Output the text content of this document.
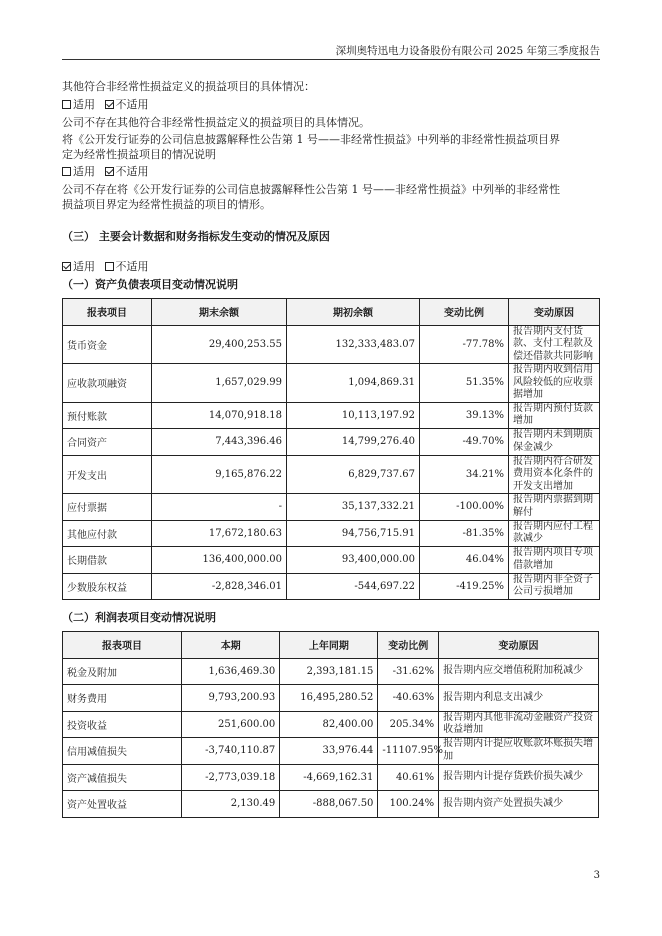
深圳奥特迅电力设备股份有限公司 2025 年第三季度报告
其他符合非经常性损益定义的损益项目的具体情况：
适用 不适用
公司不存在其他符合非经常性损益定义的损益项目的具体情况。
将《公开发行证券的公司信息披露解释性公告第 1 号——非经常性损益》中列举的非经常性损益项目界
定为经常性损益项目的情况说明
适用 不适用
公司不存在将《公开发行证券的公司信息披露解释性公告第 1 号——非经常性损益》中列举的非经常性
损益项目界定为经常性损益的项目的情形。
（三） 主要会计数据和财务指标发生变动的情况及原因
适用 不适用
（一）资产负债表项目变动情况说明
报表项目	期末余额	期初余额	变动比例	变动原因
货币资金	29,400,253.55	132,333,483.07	-77.78%	报告期内支付货款、支付工程款及偿还借款共同影响
应收款项融资	1,657,029.99	1,094,869.31	51.35%	报告期内收到信用风险较低的应收票据增加
预付账款	14,070,918.18	10,113,197.92	39.13%	报告期内预付货款增加
合同资产	7,443,396.46	14,799,276.40	-49.70%	报告期内未到期质保金减少
开发支出	9,165,876.22	6,829,737.67	34.21%	报告期内符合研发费用资本化条件的开发支出增加
应付票据	-	35,137,332.21	-100.00%	报告期内票据到期解付
其他应付款	17,672,180.63	94,756,715.91	-81.35%	报告期内应付工程款减少
长期借款	136,400,000.00	93,400,000.00	46.04%	报告期内项目专项借款增加
少数股东权益	-2,828,346.01	-544,697.22	-419.25%	报告期内非全资子公司亏损增加
（二）利润表项目变动情况说明
报表项目	本期	上年同期	变动比例	变动原因
税金及附加	1,636,469.30	2,393,181.15	-31.62%	报告期内应交增值税附加税减少
财务费用	9,793,200.93	16,495,280.52	-40.63%	报告期内利息支出减少
投资收益	251,600.00	82,400.00	205.34%	报告期内其他非流动金融资产投资收益增加
信用减值损失	-3,740,110.87	33,976.44	-11107.95%	报告期内计提应收账款坏账损失增加
资产减值损失	-2,773,039.18	-4,669,162.31	40.61%	报告期内计提存货跌价损失减少
资产处置收益	2,130.49	-888,067.50	100.24%	报告期内资产处置损失减少
3
